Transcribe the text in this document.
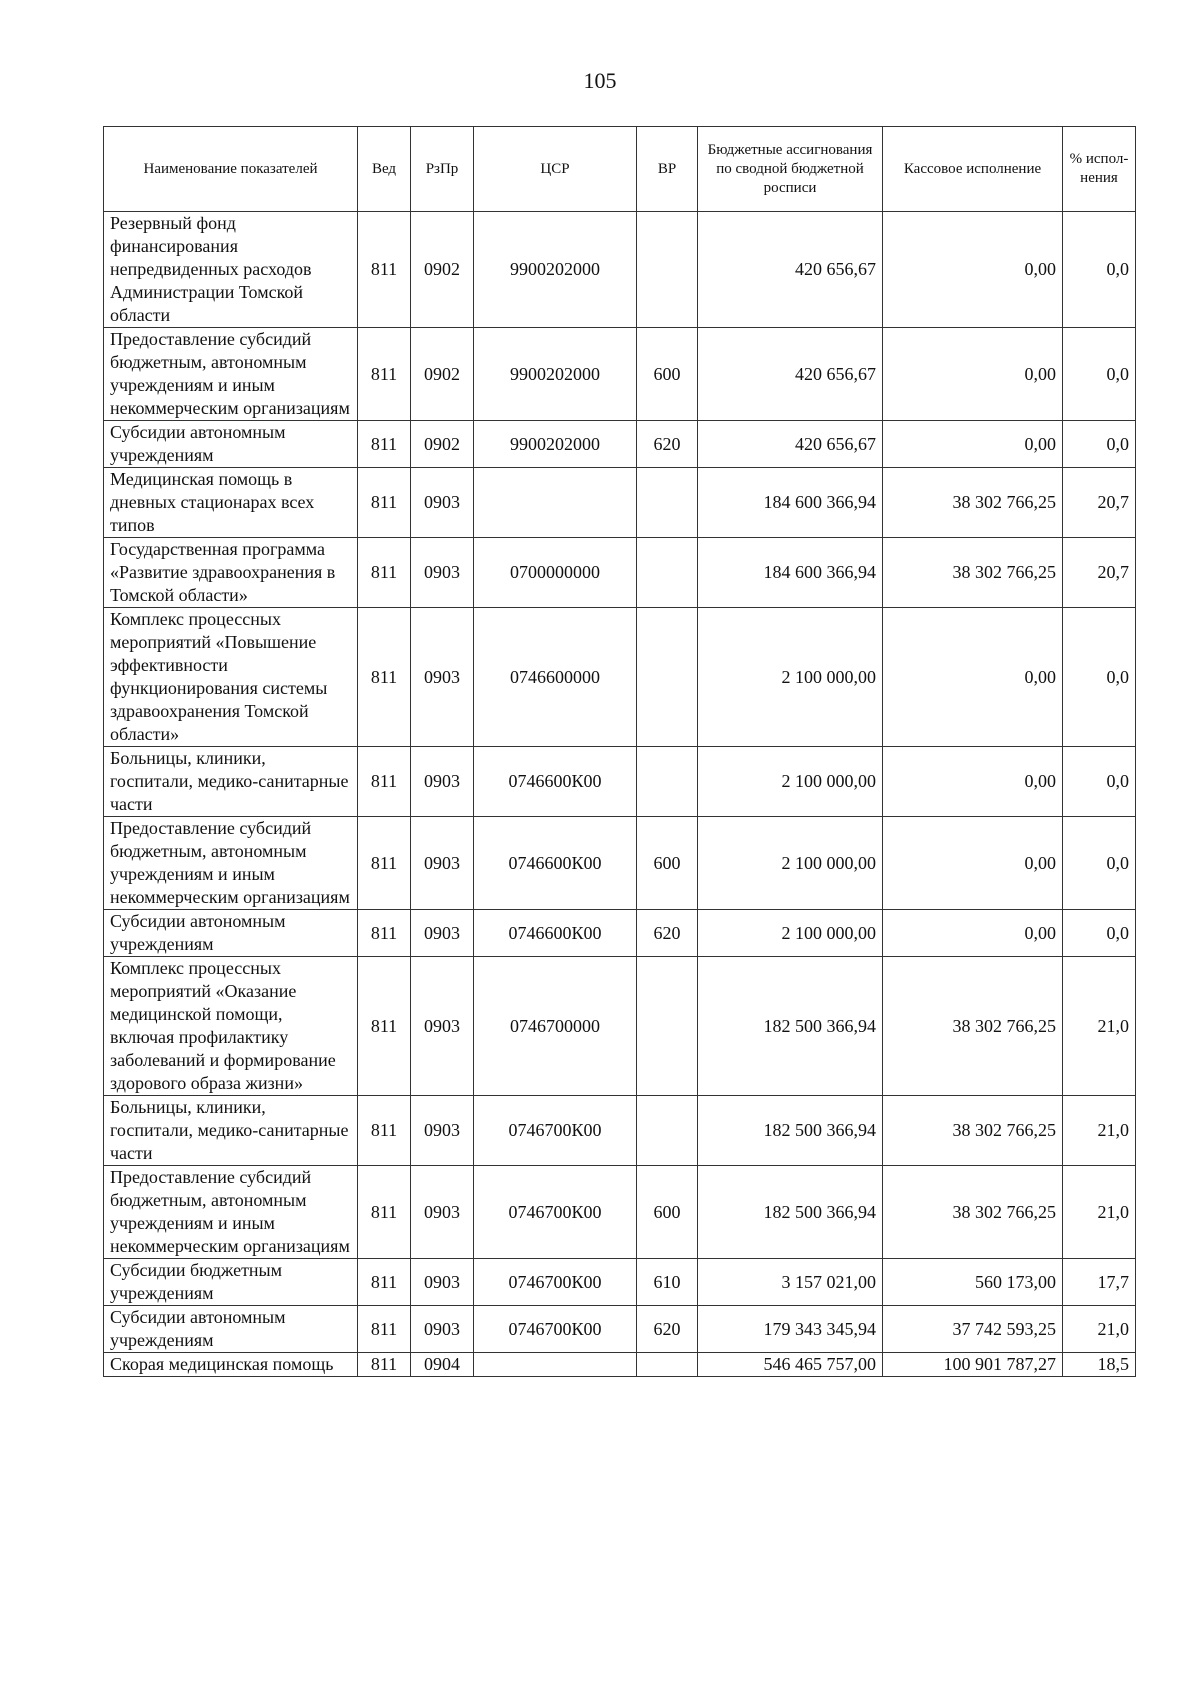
105
Наименование показателей	Вед	РзПр	ЦСР	ВР	Бюджетные ассигнования по сводной бюджетной росписи	Кассовое исполнение	% испол-нения
Резервный фонд финансирования непредвиденных расходов Администрации Томской области	811	0902	9900202000		420 656,67	0,00	0,0
Предоставление субсидий бюджетным, автономным учреждениям и иным некоммерческим организациям	811	0902	9900202000	600	420 656,67	0,00	0,0
Субсидии автономным учреждениям	811	0902	9900202000	620	420 656,67	0,00	0,0
Медицинская помощь в дневных стационарах всех типов	811	0903			184 600 366,94	38 302 766,25	20,7
Государственная программа «Развитие здравоохранения в Томской области»	811	0903	0700000000		184 600 366,94	38 302 766,25	20,7
Комплекс процессных мероприятий «Повышение эффективности функционирования системы здравоохранения Томской области»	811	0903	0746600000		2 100 000,00	0,00	0,0
Больницы, клиники, госпитали, медико-санитарные части	811	0903	0746600К00		2 100 000,00	0,00	0,0
Предоставление субсидий бюджетным, автономным учреждениям и иным некоммерческим организациям	811	0903	0746600К00	600	2 100 000,00	0,00	0,0
Субсидии автономным учреждениям	811	0903	0746600К00	620	2 100 000,00	0,00	0,0
Комплекс процессных мероприятий «Оказание медицинской помощи, включая профилактику заболеваний и формирование здорового образа жизни»	811	0903	0746700000		182 500 366,94	38 302 766,25	21,0
Больницы, клиники, госпитали, медико-санитарные части	811	0903	0746700К00		182 500 366,94	38 302 766,25	21,0
Предоставление субсидий бюджетным, автономным учреждениям и иным некоммерческим организациям	811	0903	0746700К00	600	182 500 366,94	38 302 766,25	21,0
Субсидии бюджетным учреждениям	811	0903	0746700К00	610	3 157 021,00	560 173,00	17,7
Субсидии автономным учреждениям	811	0903	0746700К00	620	179 343 345,94	37 742 593,25	21,0
Скорая медицинская помощь	811	0904			546 465 757,00	100 901 787,27	18,5
